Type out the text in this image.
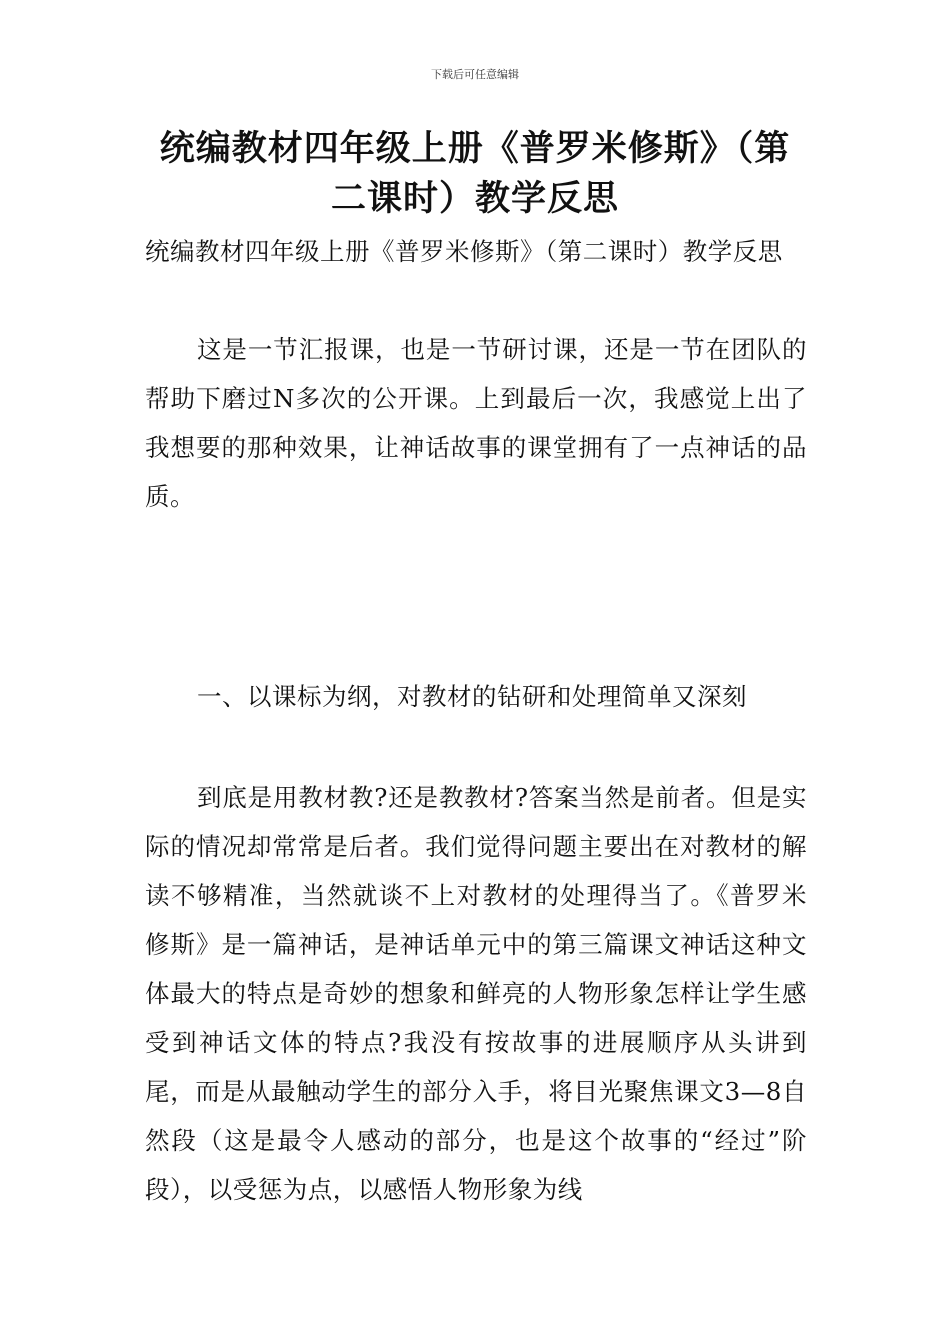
下载后可任意编辑
统编教材四年级上册《普罗米修斯》（第二课时）教学反思

统编教材四年级上册《普罗米修斯》（第二课时）教学反思

这是一节汇报课，也是一节研讨课，还是一节在团队的帮助下磨过N多次的公开课。上到最后一次，我感觉上出了我想要的那种效果，让神话故事的课堂拥有了一点神话的品质。

一、以课标为纲，对教材的钻研和处理简单又深刻

到底是用教材教?还是教教材?答案当然是前者。但是实际的情况却常常是后者。我们觉得问题主要出在对教材的解读不够精准，当然就谈不上对教材的处理得当了。《普罗米修斯》是一篇神话，是神话单元中的第三篇课文神话这种文体最大的特点是奇妙的想象和鲜亮的人物形象怎样让学生感受到神话文体的特点?我没有按故事的进展顺序从头讲到尾，而是从最触动学生的部分入手，将目光聚焦课文3—8自然段（这是最令人感动的部分，也是这个故事的“经过”阶段），以受惩为点，以感悟人物形象为线
